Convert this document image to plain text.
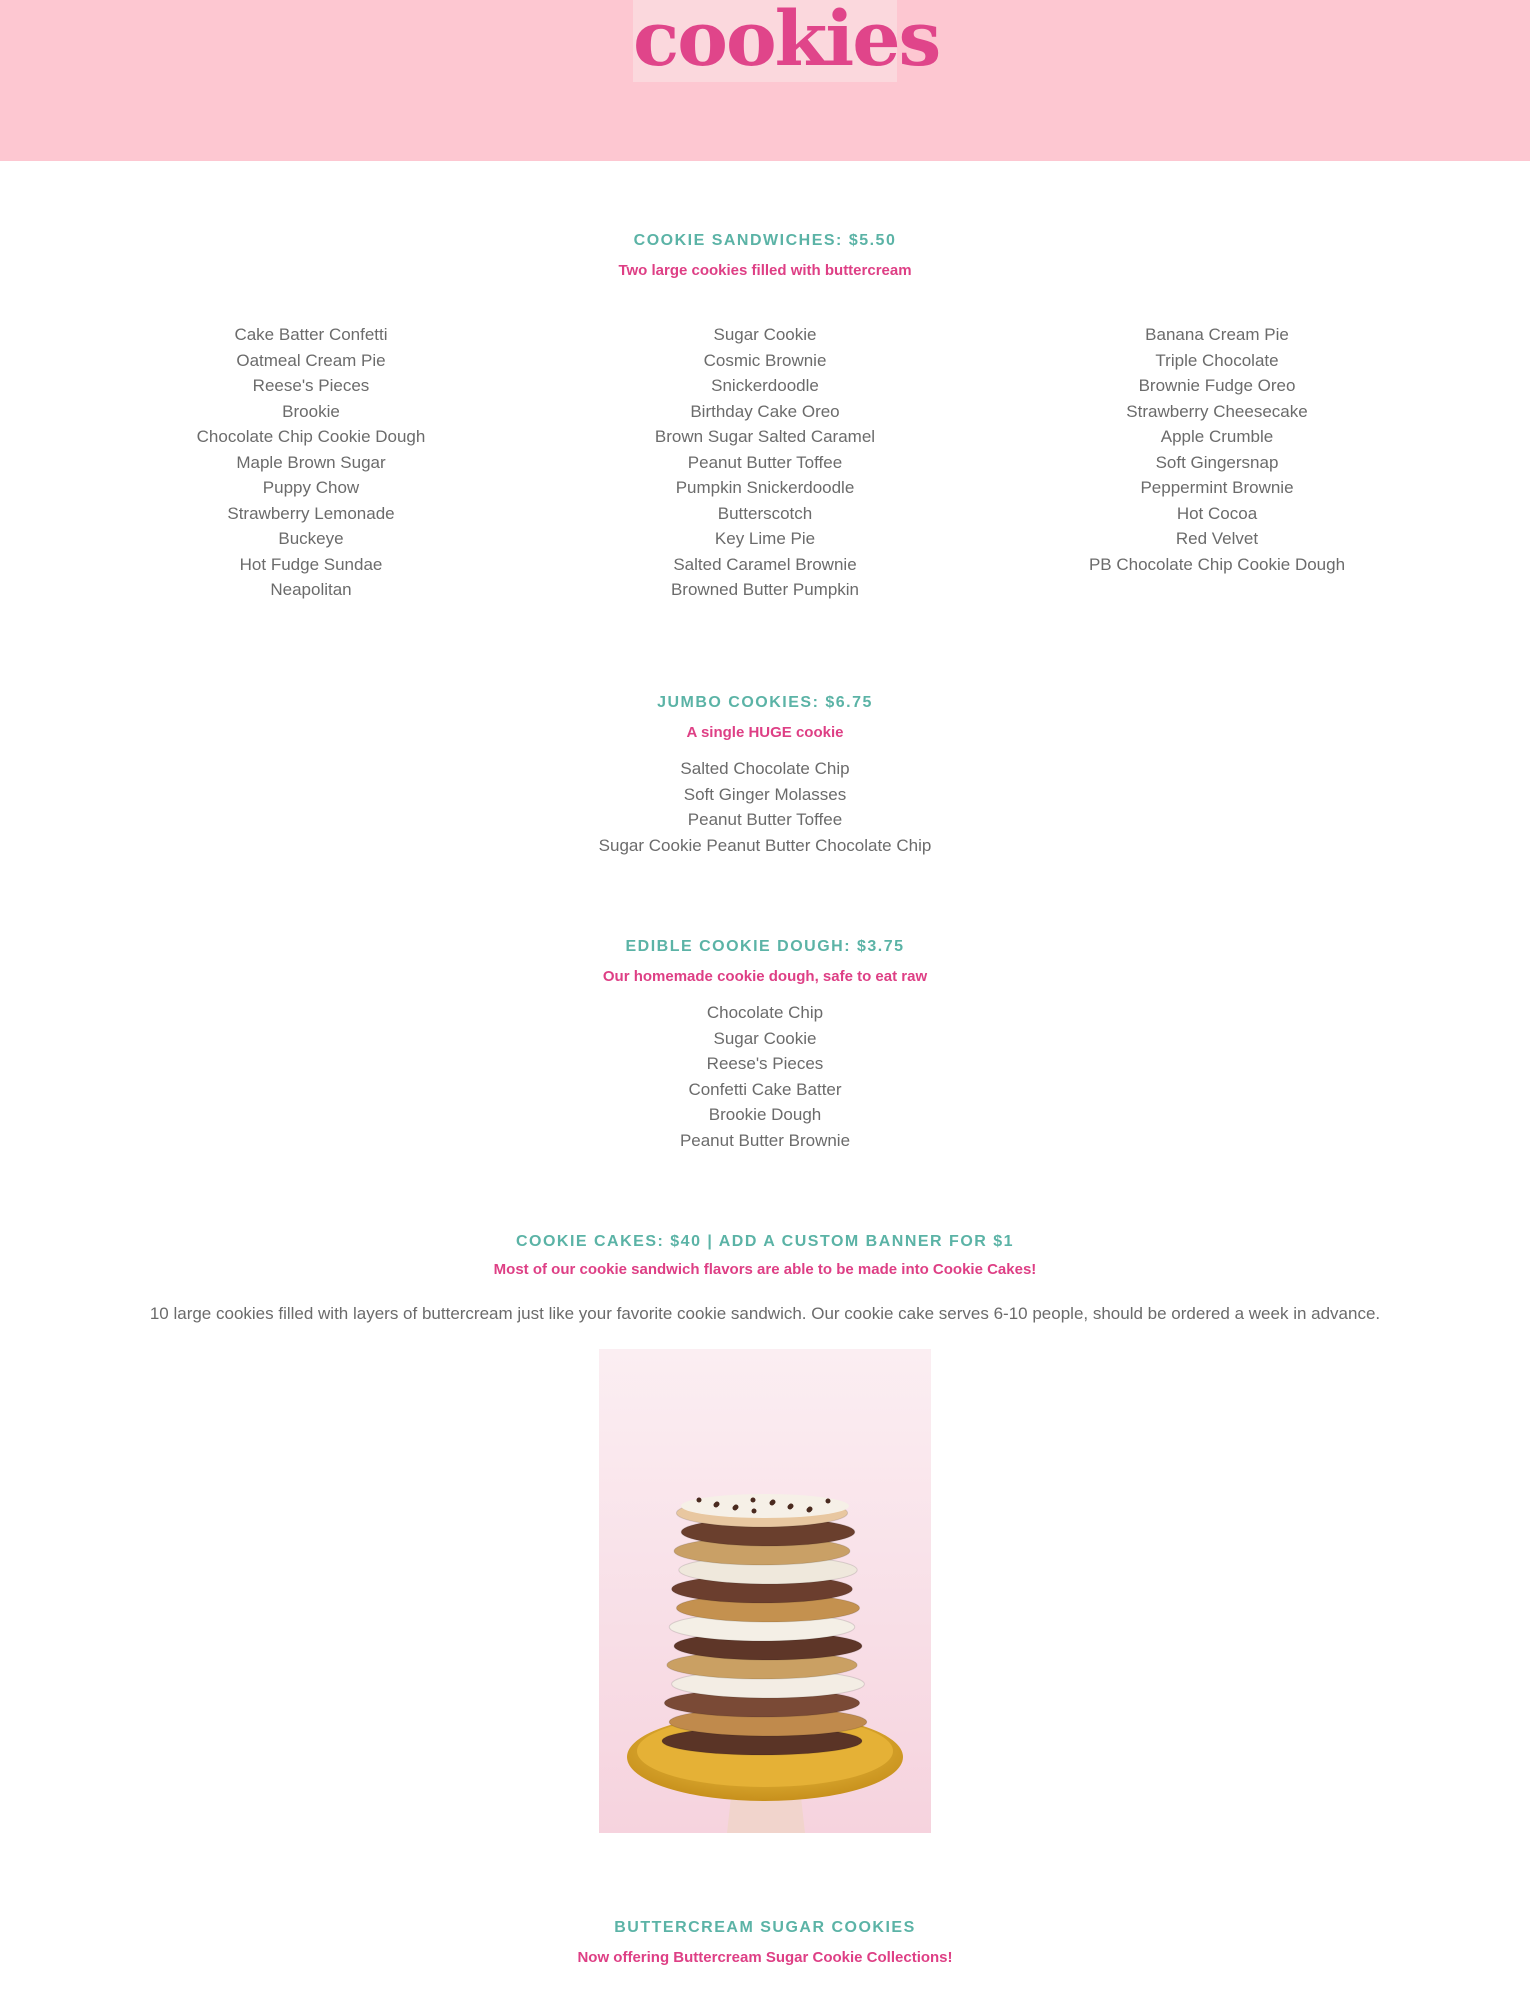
cookies
COOKIE SANDWICHES: $5.50

Two large cookies filled with buttercream

Cake Batter Confetti
Oatmeal Cream Pie
Reese's Pieces
Brookie
Chocolate Chip Cookie Dough
Maple Brown Sugar
Puppy Chow
Strawberry Lemonade
Buckeye
Hot Fudge Sundae
Neapolitan
Sugar Cookie
Cosmic Brownie
Snickerdoodle
Birthday Cake Oreo
Brown Sugar Salted Caramel
Peanut Butter Toffee
Pumpkin Snickerdoodle
Butterscotch
Key Lime Pie
Salted Caramel Brownie
Browned Butter Pumpkin
Banana Cream Pie
Triple Chocolate
Brownie Fudge Oreo
Strawberry Cheesecake
Apple Crumble
Soft Gingersnap
Peppermint Brownie
Hot Cocoa
Red Velvet
PB Chocolate Chip Cookie Dough
JUMBO COOKIES: $6.75

A single HUGE cookie

Salted Chocolate Chip
Soft Ginger Molasses
Peanut Butter Toffee
Sugar Cookie Peanut Butter Chocolate Chip
EDIBLE COOKIE DOUGH: $3.75

Our homemade cookie dough, safe to eat raw

Chocolate Chip
Sugar Cookie
Reese's Pieces
Confetti Cake Batter
Brookie Dough
Peanut Butter Brownie
COOKIE CAKES: $40 | ADD A CUSTOM BANNER FOR $1

Most of our cookie sandwich flavors are able to be made into Cookie Cakes!

10 large cookies filled with layers of buttercream just like your favorite cookie sandwich. Our cookie cake serves 6-10 people, should be ordered a week in advance.

BUTTERCREAM SUGAR COOKIES

Now offering Buttercream Sugar Cookie Collections!
